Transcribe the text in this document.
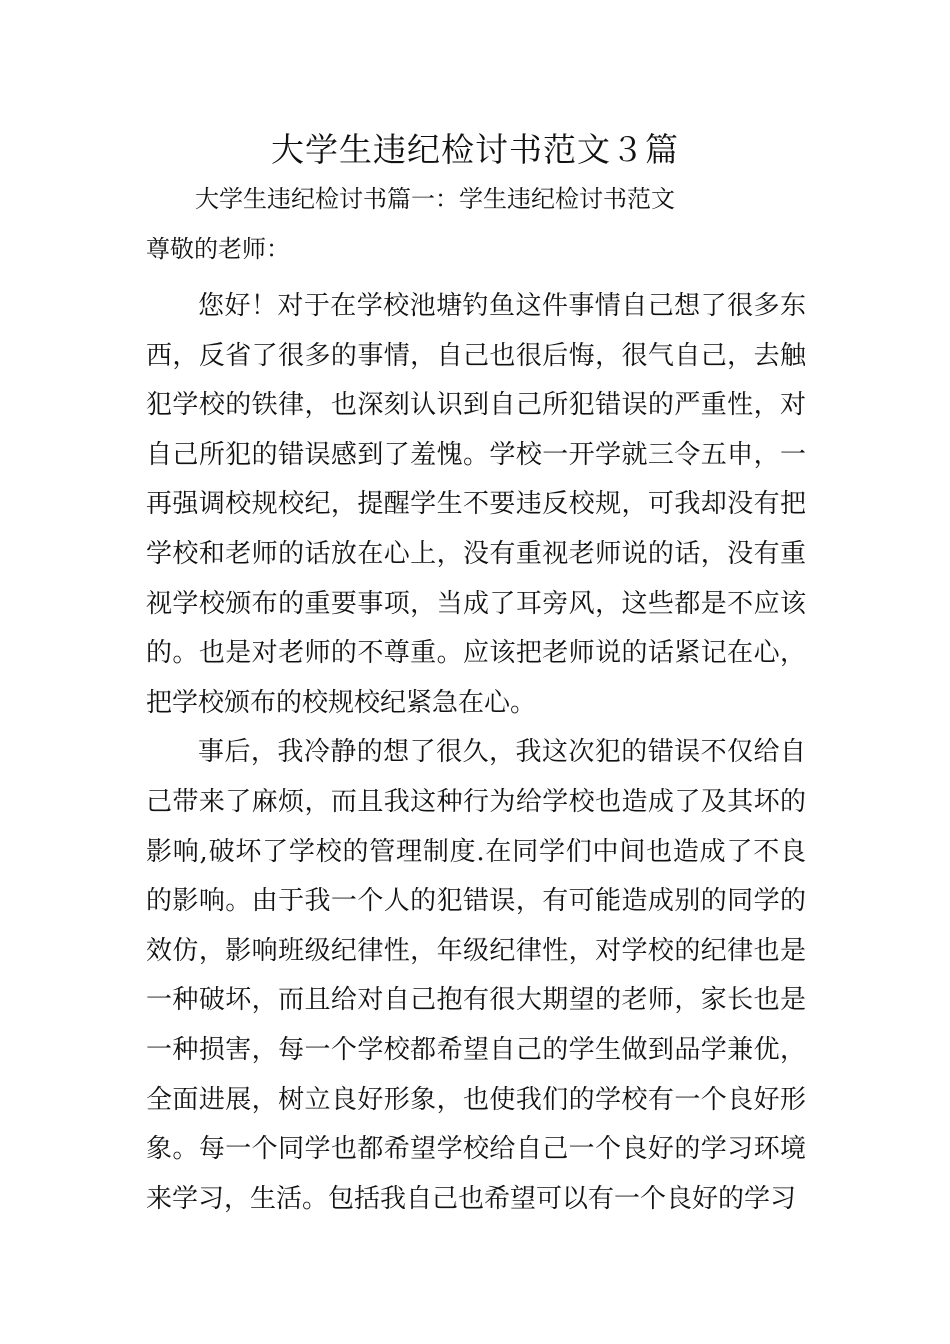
大学生违纪检讨书范文３篇

大学生违纪检讨书篇一：学生违纪检讨书范文

尊敬的老师：

您好！对于在学校池塘钓鱼这件事情自己想了很多东西，反省了很多的事情，自己也很后悔，很气自己，去触犯学校的铁律，也深刻认识到自己所犯错误的严重性，对自己所犯的错误感到了羞愧。学校一开学就三令五申，一再强调校规校纪，提醒学生不要违反校规，可我却没有把学校和老师的话放在心上，没有重视老师说的话，没有重视学校颁布的重要事项，当成了耳旁风，这些都是不应该的。也是对老师的不尊重。应该把老师说的话紧记在心，把学校颁布的校规校纪紧急在心。

事后，我冷静的想了很久，我这次犯的错误不仅给自己带来了麻烦，而且我这种行为给学校也造成了及其坏的影响,破坏了学校的管理制度.在同学们中间也造成了不良的影响。由于我一个人的犯错误，有可能造成别的同学的效仿，影响班级纪律性，年级纪律性，对学校的纪律也是一种破坏，而且给对自己抱有很大期望的老师，家长也是一种损害，每一个学校都希望自己的学生做到品学兼优，全面进展，树立良好形象，也使我们的学校有一个良好形象。每一个同学也都希望学校给自己一个良好的学习环境来学习，生活。包括我自己也希望可以有一个良好的学习
